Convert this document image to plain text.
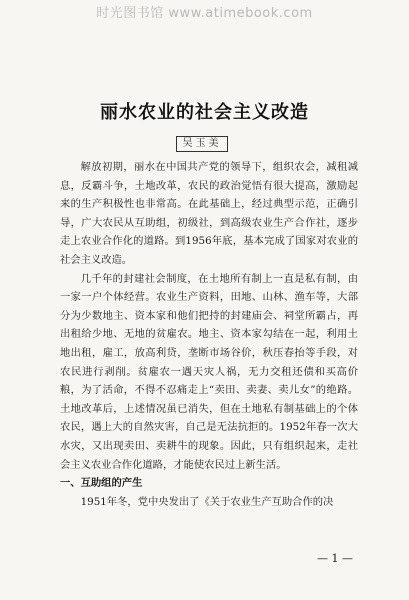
时光图书馆 www.atimebook.com
丽水农业的社会主义改造
吴玉美

解放初期，丽水在中国共产党的领导下，组织农会，减租减息，反霸斗争，土地改革，农民的政治觉悟有很大提高，激励起来的生产积极性也非常高。在此基础上，经过典型示范，正确引导，广大农民从互助组，初级社，到高级农业生产合作社，逐步走上农业合作化的道路。到1956年底，基本完成了国家对农业的社会主义改造。

几千年的封建社会制度，在土地所有制上一直是私有制，由一家一户个体经营。农业生产资料，田地、山林、渔车等，大部分为少数地主、资本家和他们把持的封建庙会、祠堂所霸占，再出租给少地、无地的贫雇农。地主、资本家勾结在一起，利用土地出租，雇工，放高利贷，垄断市场谷价，秋压春抬等手段，对农民进行剥削。贫雇农一遇天灾人祸，无力交租还债和买高价粮，为了活命，不得不忍痛走上“卖田、卖妻、卖儿女”的绝路。土地改革后，上述情况虽已消失，但在土地私有制基础上的个体农民，遇上大的自然灾害，自己是无法抗拒的。1952年春一次大水灾，又出现卖田、卖耕牛的现象。因此，只有组织起来，走社会主义农业合作化道路，才能使农民过上新生活。

一、互助组的产生

1951年冬，党中央发出了《关于农业生产互助合作的决

— 1 —
